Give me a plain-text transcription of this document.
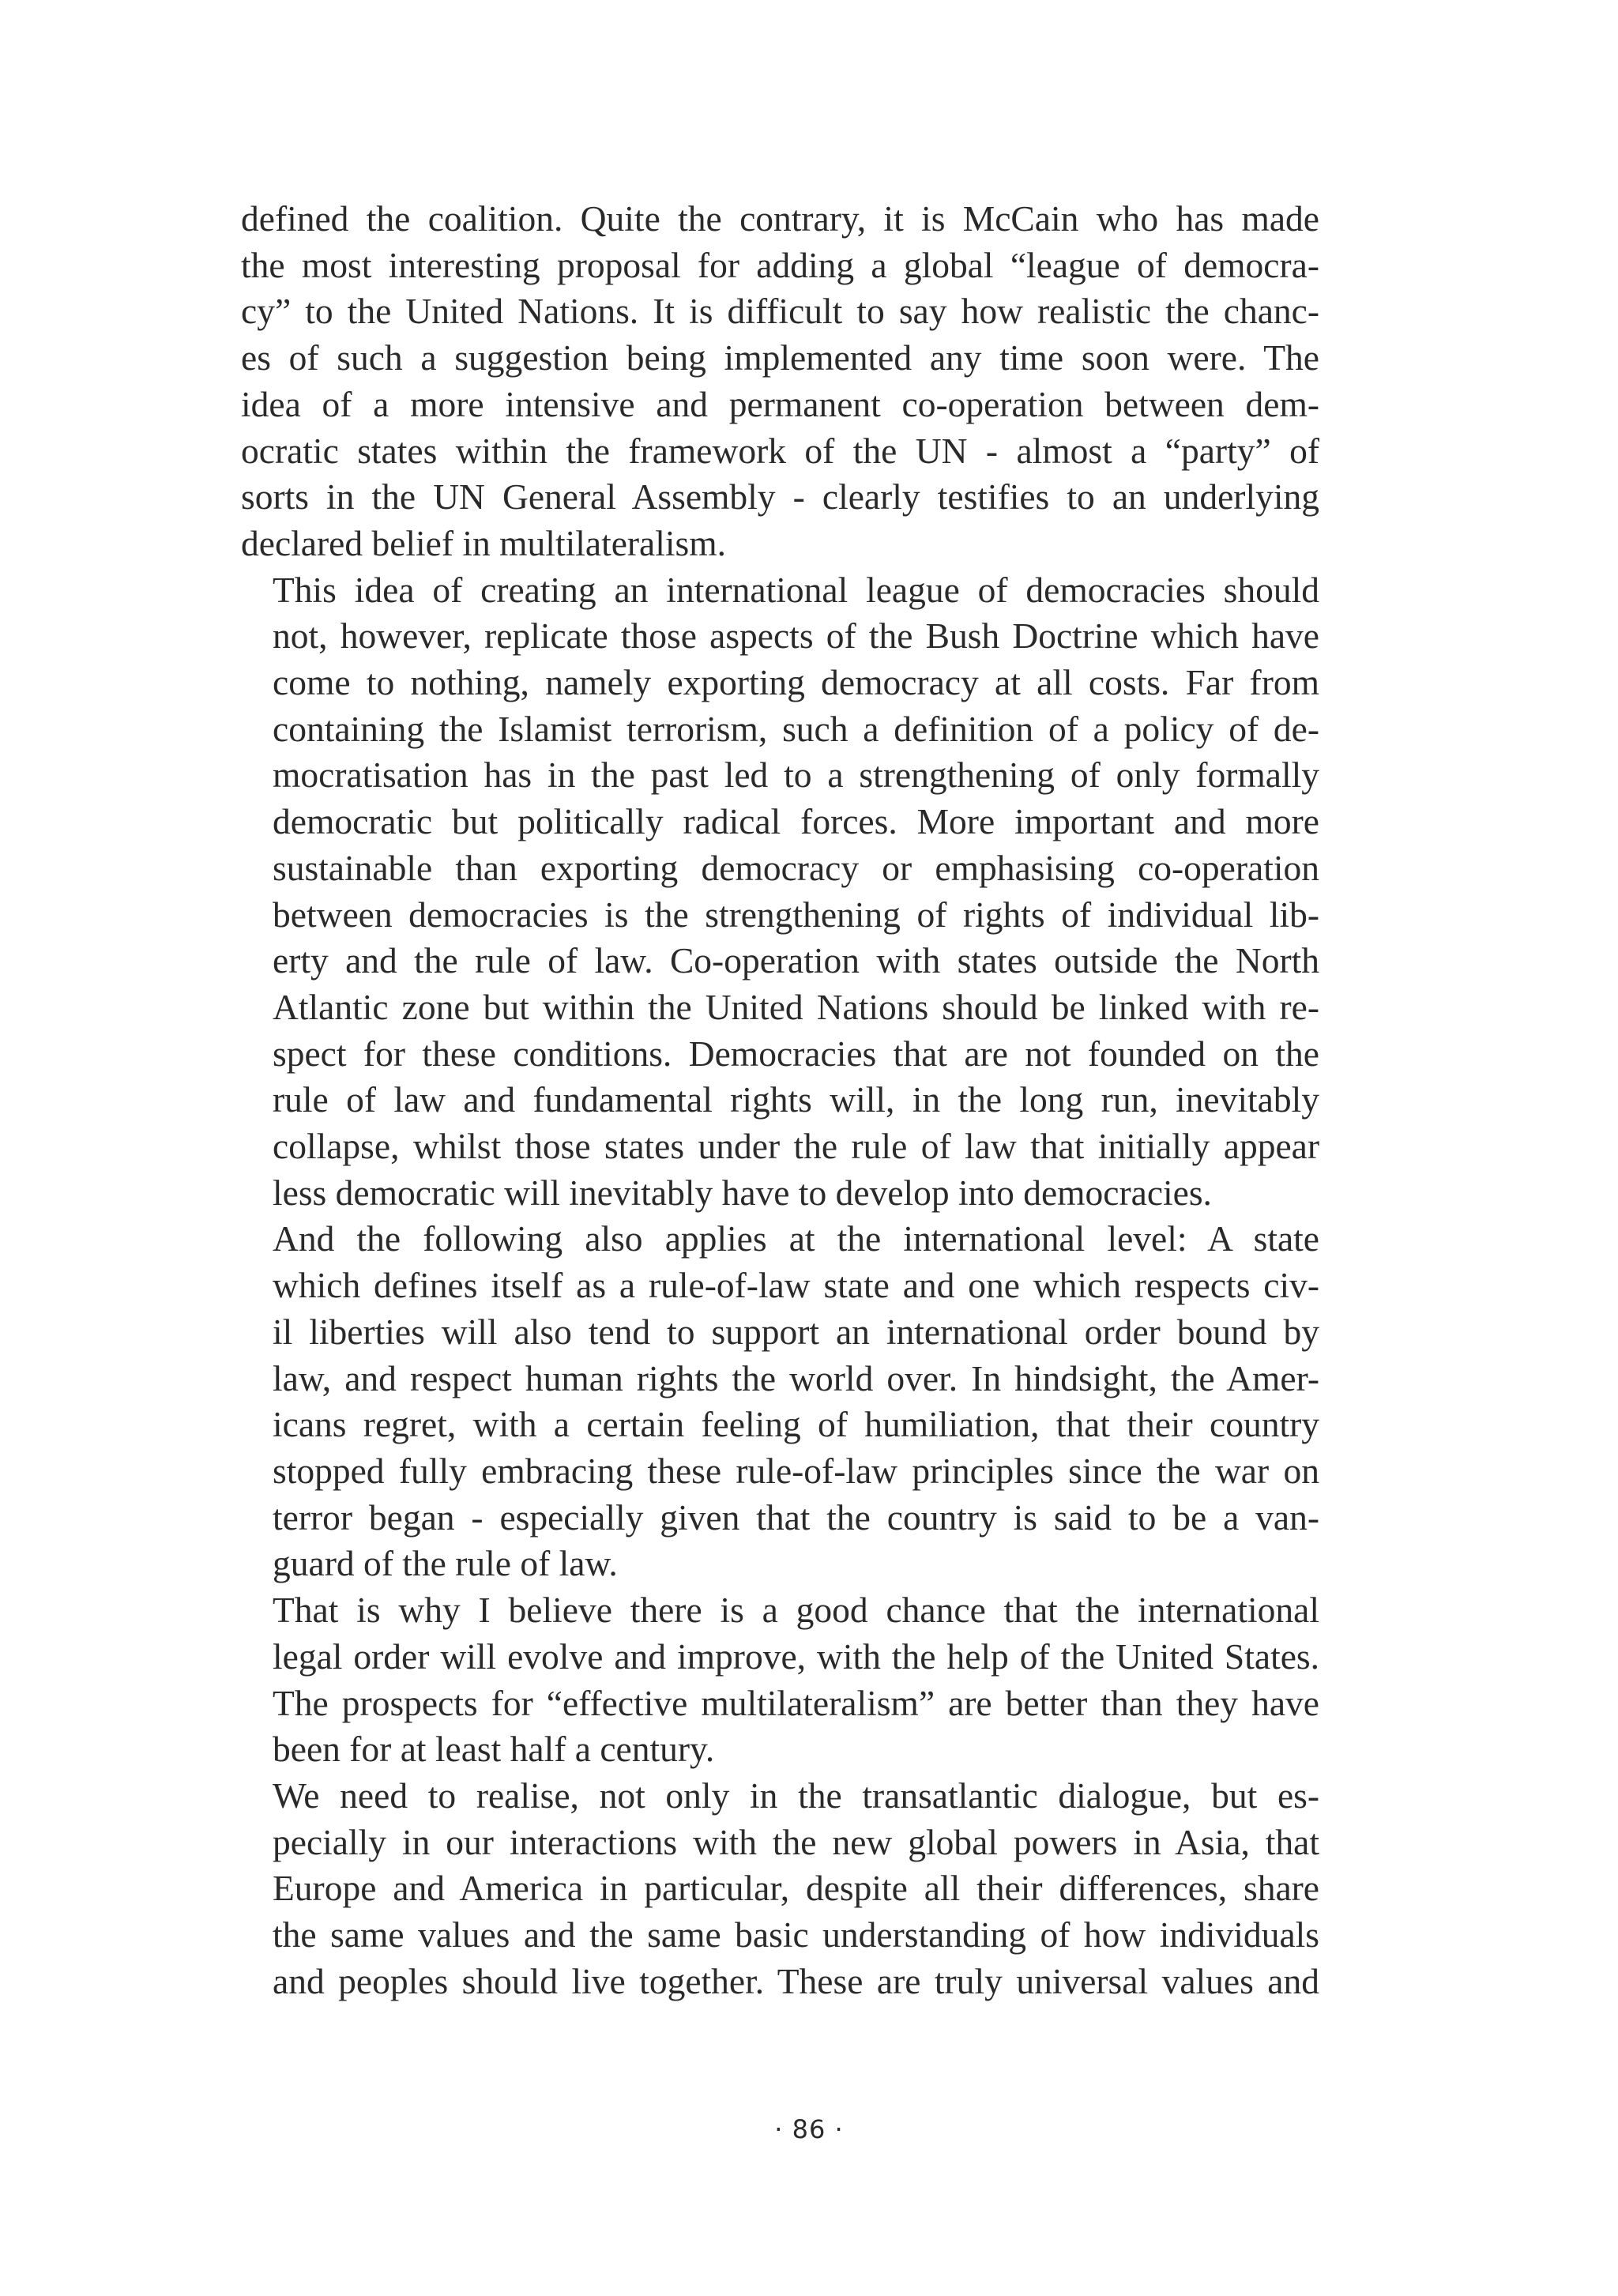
defined the coalition. Quite the contrary, it is McCain who has made
the most interesting proposal for adding a global “league of democra-
cy” to the United Nations. It is difficult to say how realistic the chanc-
es of such a suggestion being implemented any time soon were. The
idea of a more intensive and permanent co-operation between dem-
ocratic states within the framework of the UN - almost a “party” of
sorts in the UN General Assembly - clearly testifies to an underlying
declared belief in multilateralism.

This idea of creating an international league of democracies should
not, however, replicate those aspects of the Bush Doctrine which have
come to nothing, namely exporting democracy at all costs. Far from
containing the Islamist terrorism, such a definition of a policy of de-
mocratisation has in the past led to a strengthening of only formally
democratic but politically radical forces. More important and more
sustainable than exporting democracy or emphasising co-operation
between democracies is the strengthening of rights of individual lib-
erty and the rule of law. Co-operation with states outside the North
Atlantic zone but within the United Nations should be linked with re-
spect for these conditions. Democracies that are not founded on the
rule of law and fundamental rights will, in the long run, inevitably
collapse, whilst those states under the rule of law that initially appear
less democratic will inevitably have to develop into democracies.

And the following also applies at the international level: A state
which defines itself as a rule-of-law state and one which respects civ-
il liberties will also tend to support an international order bound by
law, and respect human rights the world over. In hindsight, the Amer-
icans regret, with a certain feeling of humiliation, that their country
stopped fully embracing these rule-of-law principles since the war on
terror began - especially given that the country is said to be a van-
guard of the rule of law.

That is why I believe there is a good chance that the international
legal order will evolve and improve, with the help of the United States.
The prospects for “effective multilateralism” are better than they have
been for at least half a century.

We need to realise, not only in the transatlantic dialogue, but es-
pecially in our interactions with the new global powers in Asia, that
Europe and America in particular, despite all their differences, share
the same values and the same basic understanding of how individuals
and peoples should live together. These are truly universal values and

· 86 ·
